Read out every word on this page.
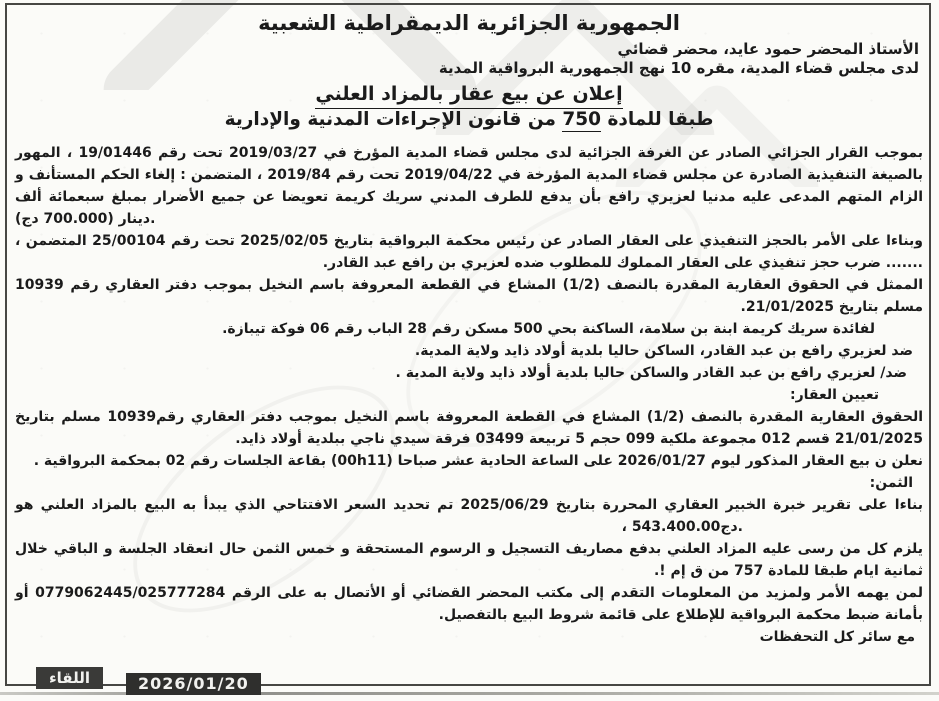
الجمهورية الجزائرية الديمقراطية الشعبية
الأستاذ المحضر حمود عايد، محضر قضائي
لدى مجلس قضاء المدية، مقره 10 نهج الجمهورية البرواقية المدية
إعلان عن بيع عقار بالمزاد العلني
طبقا للمادة 750 من قانون الإجراءات المدنية والإدارية

بموجب القرار الجزائي الصادر عن الغرفة الجزائية لدى مجلس قضاء المدية المؤرخ في 2019/03/27 تحت رقم 19/01446 ، المهور بالصيغة التنفيذية الصادرة عن مجلس قضاء المدية المؤرخة في 2019/04/22 تحت رقم 2019/84 ، المتضمن : إلغاء الحكم المستأنف و الزام المتهم المدعى عليه مدنيا لعزيري رافع بأن يدفع للطرف المدني سريك كريمة تعويضا عن جميع الأضرار بمبلغ سبعمائة ألف

دينار (700.000 دج).

وبناءا على الأمر بالحجز التنفيذي على العقار الصادر عن رئيس محكمة البرواقية بتاريخ 2025/02/05 تحت رقم 25/00104 المتضمن ، ....... ضرب حجز تنفيذي على العقار المملوك للمطلوب ضده لعزيري بن رافع عبد القادر.

الممثل في الحقوق العقارية المقدرة بالنصف (1/2) المشاع في القطعة المعروفة باسم النخيل بموجب دفتر العقاري رقم 10939 مسلم بتاريخ 21/01/2025.

لفائدة سريك كريمة ابنة بن سلامة، الساكنة بحي 500 مسكن رقم 28 الباب رقم 06 فوكة تيبازة.

ضد لعزيري رافع بن عبد القادر، الساكن حاليا بلدية أولاد ذايد ولاية المدية.

ضد/ لعزيري رافع بن عبد القادر والساكن حاليا بلدية أولاد ذايد ولاية المدية .

تعيين العقار:

الحقوق العقارية المقدرة بالنصف (1/2) المشاع في القطعة المعروفة باسم النخيل بموجب دفتر العقاري رقم10939 مسلم بتاريخ 21/01/2025 قسم 012 مجموعة ملكية 099 حجم 5 تربيعة 03499 فرقة سيدي ناجي ببلدية أولاد ذايد.

نعلن ن بيع العقار المذكور ليوم 2026/01/27 على الساعة الحادية عشر صباحا (00h11) بقاعة الجلسات رقم 02 بمحكمة البرواقية .

الثمن:

بناءا على تقرير خبرة الخبير العقاري المحررة بتاريخ 2025/06/29 تم تحديد السعر الافتتاحي الذي يبدأ به البيع بالمزاد العلني هو

، 543.400.00دج.

يلزم كل من رسى عليه المزاد العلني بدفع مصاريف التسجيل و الرسوم المستحقة و خمس الثمن حال انعقاد الجلسة و الباقي خلال ثمانية ايام طبقا للمادة 757 من ق إم !.

لمن يهمه الأمر ولمزيد من المعلومات التقدم إلى مكتب المحضر القضائي أو الأتصال به على الرقم 0779062445/025777284 أو بأمانة ضبط محكمة البرواقية للإطلاع على قائمة شروط البيع بالتفصيل.

مع سائر كل التحفظات

اللقاء	2026/01/20
